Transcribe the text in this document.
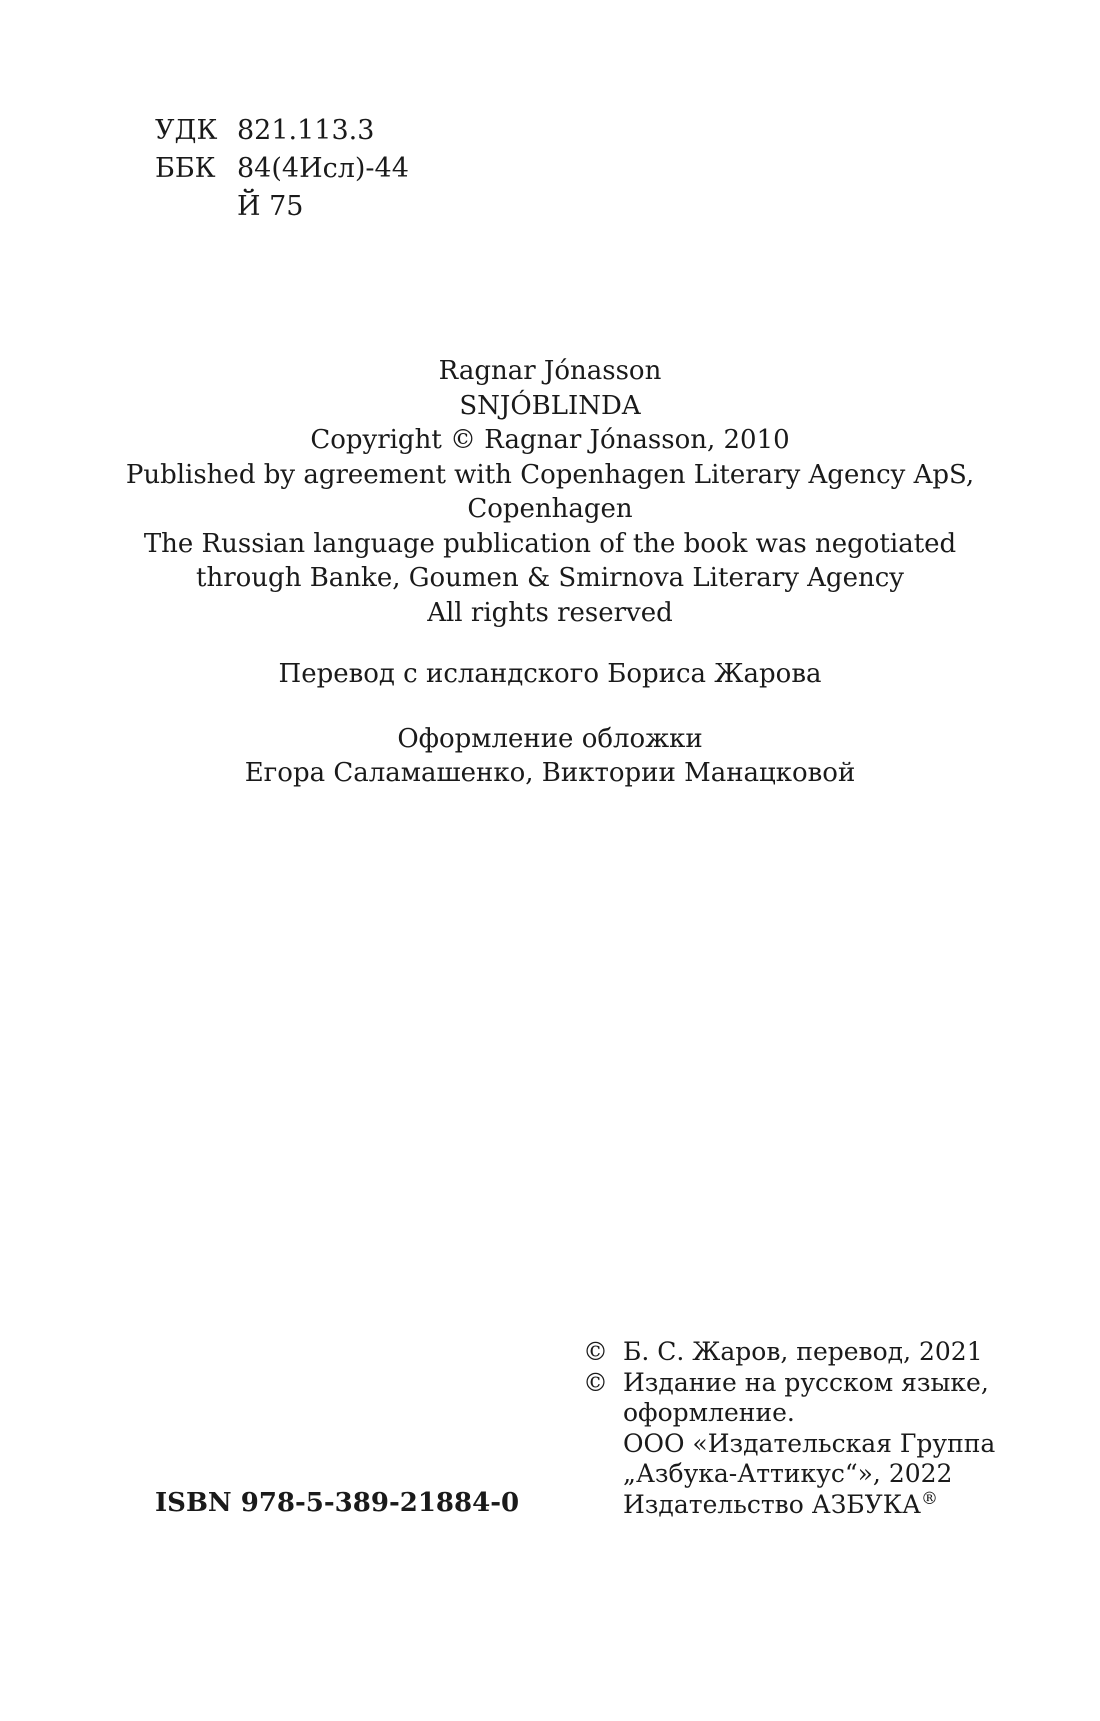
УДК 821.113.3
ББК 84(4Исл)-44
Й 75

Ragnar Jónasson

SNJÓBLINDA

Copyright © Ragnar Jónasson, 2010

Published by agreement with Copenhagen Literary Agency ApS,

Copenhagen

The Russian language publication of the book was negotiated

through Banke, Goumen & Smirnova Literary Agency

All rights reserved

Перевод с исландского Бориса Жарова

Оформление обложки

Егора Саламашенко, Виктории Манацковой

© Б. С. Жаров, перевод, 2021
© Издание на русском языке,
оформление.
ООО «Издательская Группа
„Азбука-Аттикус“», 2022
Издательство АЗБУКА®
ISBN 978-5-389-21884-0
